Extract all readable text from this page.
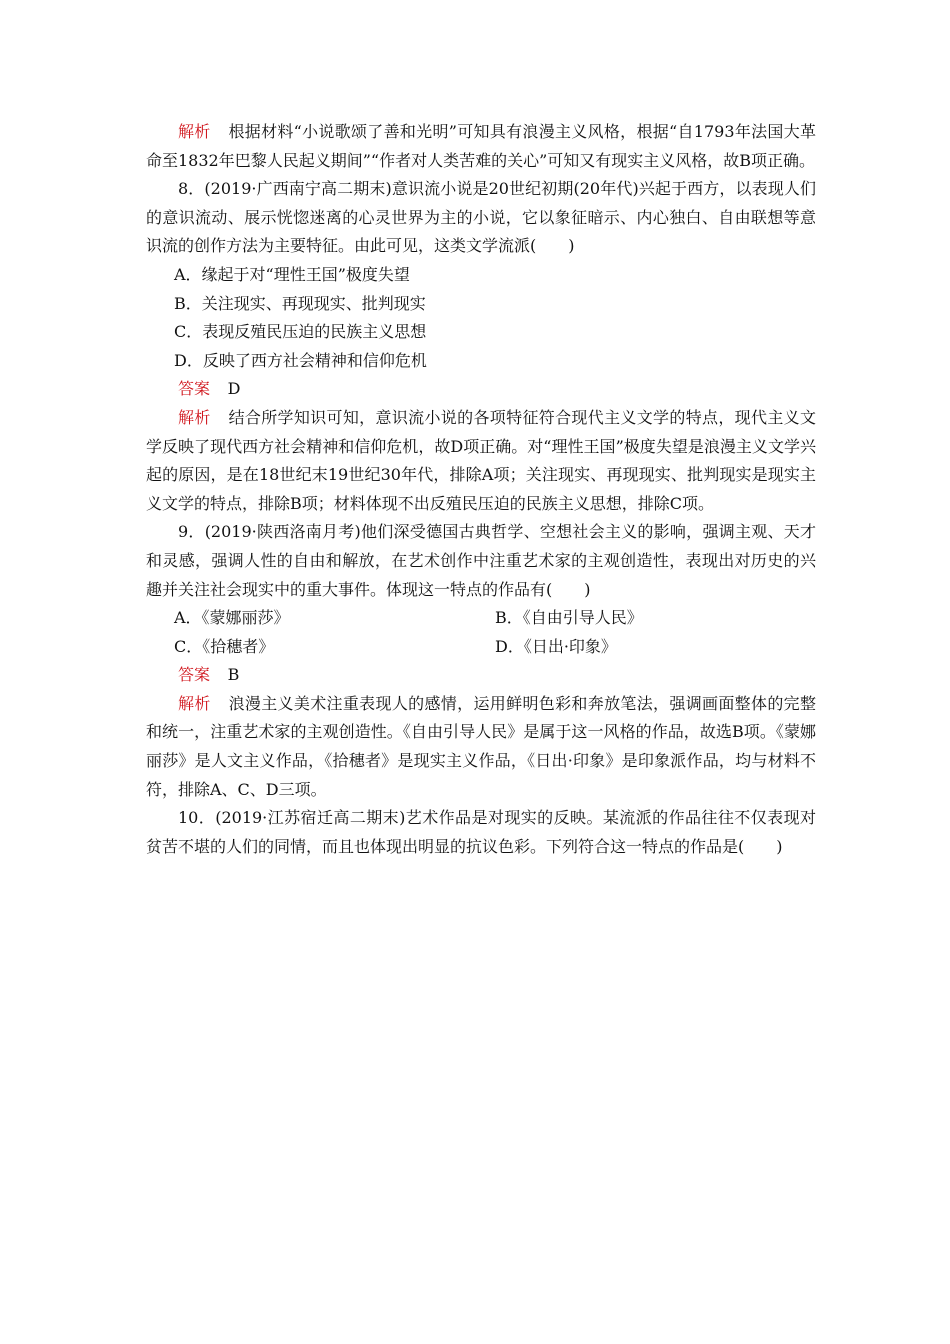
解析 根据材料“小说歌颂了善和光明”可知具有浪漫主义风格，根据“自1793年法国大革命至1832年巴黎人民起义期间”“作者对人类苦难的关心”可知又有现实主义风格，故B项正确。

8．(2019·广西南宁高二期末)意识流小说是20世纪初期(20年代)兴起于西方，以表现人们的意识流动、展示恍惚迷离的心灵世界为主的小说，它以象征暗示、内心独白、自由联想等意识流的创作方法为主要特征。由此可见，这类文学流派(　　)

A．缘起于对“理性王国”极度失望

B．关注现实、再现现实、批判现实

C．表现反殖民压迫的民族主义思想

D．反映了西方社会精神和信仰危机

答案 D

解析 结合所学知识可知，意识流小说的各项特征符合现代主义文学的特点，现代主义文学反映了现代西方社会精神和信仰危机，故D项正确。对“理性王国”极度失望是浪漫主义文学兴起的原因，是在18世纪末19世纪30年代，排除A项；关注现实、再现现实、批判现实是现实主义文学的特点，排除B项；材料体现不出反殖民压迫的民族主义思想，排除C项。

9．(2019·陕西洛南月考)他们深受德国古典哲学、空想社会主义的影响，强调主观、天才和灵感，强调人性的自由和解放，在艺术创作中注重艺术家的主观创造性，表现出对历史的兴趣并关注社会现实中的重大事件。体现这一特点的作品有(　　)

A．《蒙娜丽莎》	B．《自由引导人民》
C．《拾穗者》	D．《日出·印象》

答案 B

解析 浪漫主义美术注重表现人的感情，运用鲜明色彩和奔放笔法，强调画面整体的完整和统一，注重艺术家的主观创造性。《自由引导人民》是属于这一风格的作品，故选B项。《蒙娜丽莎》是人文主义作品，《拾穗者》是现实主义作品，《日出·印象》是印象派作品，均与材料不符，排除A、C、D三项。

10．(2019·江苏宿迁高二期末)艺术作品是对现实的反映。某流派的作品往往不仅表现对贫苦不堪的人们的同情，而且也体现出明显的抗议色彩。下列符合这一特点的作品是(　　)
